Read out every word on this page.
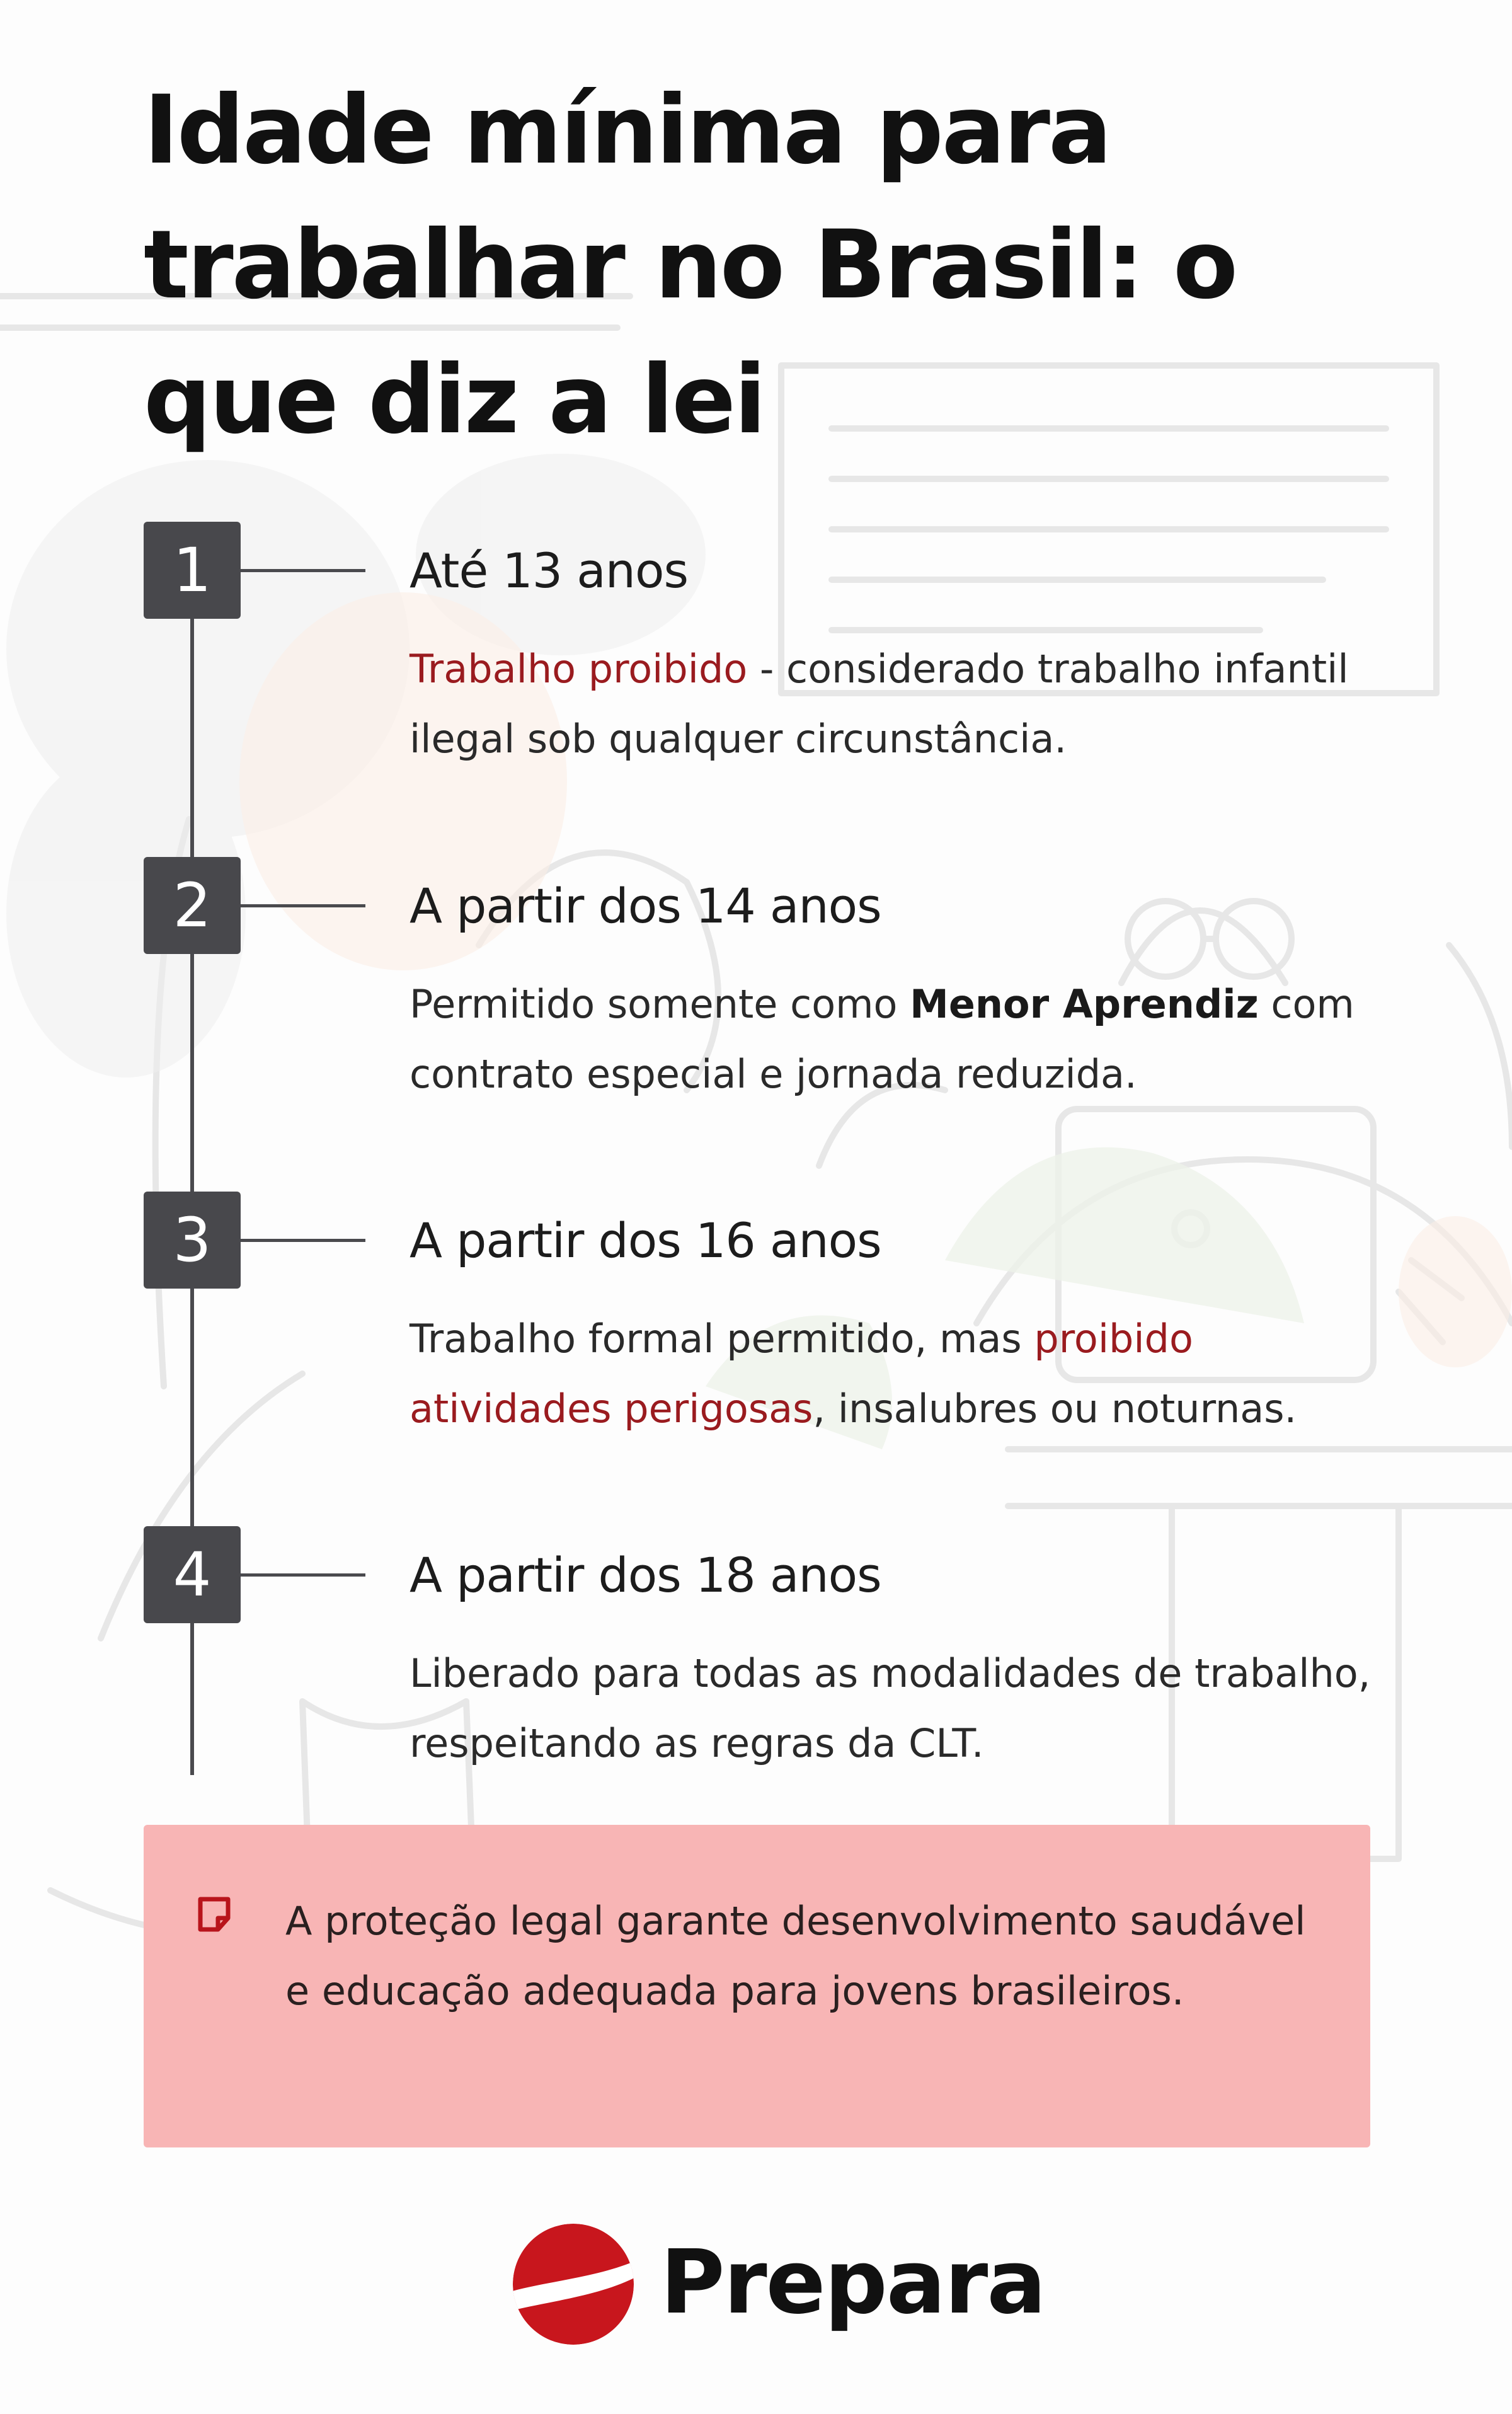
Idade mínima para trabalhar no Brasil: o que diz a lei
1	Até 13 anos

Trabalho proibido - considerado trabalho infantil ilegal sob qualquer circunstância.

2	A partir dos 14 anos

Permitido somente como Menor Aprendiz com contrato especial e jornada reduzida.

3	A partir dos 16 anos

Trabalho formal permitido, mas proibido atividades perigosas, insalubres ou noturnas.

4	A partir dos 18 anos

Liberado para todas as modalidades de trabalho, respeitando as regras da CLT.

A proteção legal garante desenvolvimento saudável e educação adequada para jovens brasileiros.

Prepara
